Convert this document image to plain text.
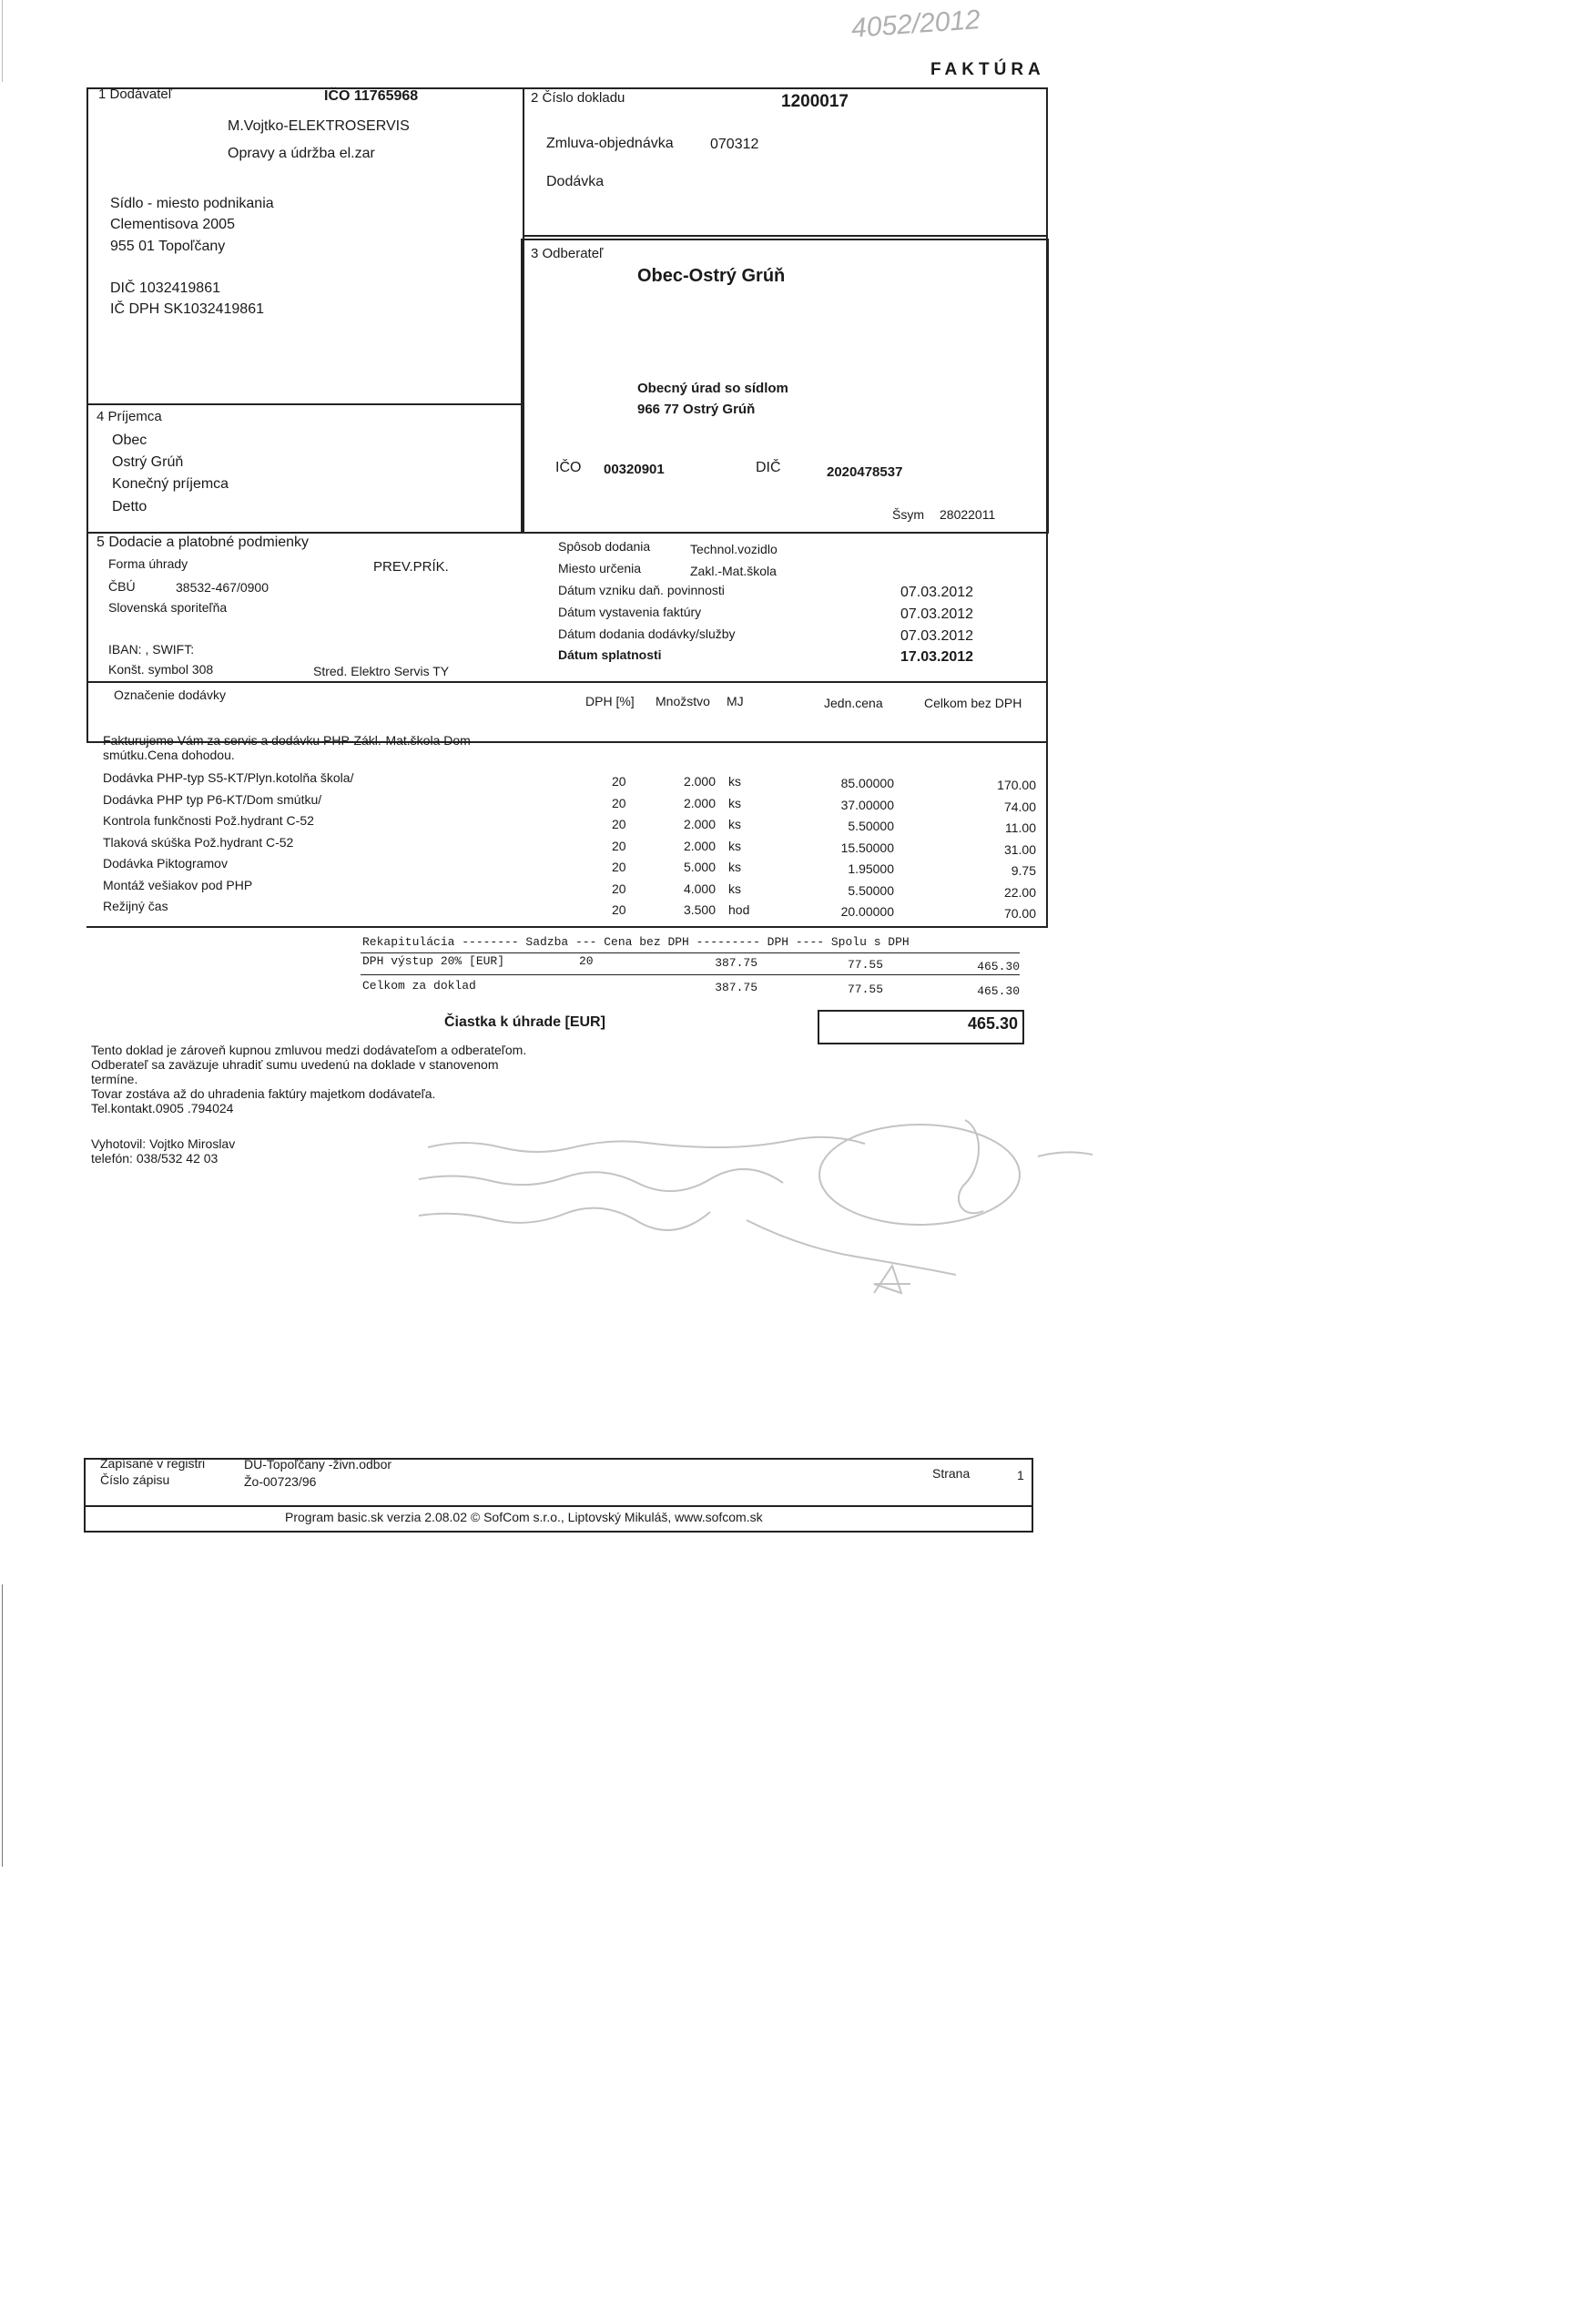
4052/2012
FAKTÚRA
1 Dodávateľ	IČO 11765968
M.Vojtko-ELEKTROSERVIS
Opravy a údržba el.zar
Sídlo - miesto podnikania
Clementisova 2005
955 01 Topoľčany
DIČ 1032419861
IČ DPH SK1032419861
2 Číslo dokladu	1200017
Zmluva-objednávka	070312
Dodávka
3 Odberateľ
Obec-Ostrý Grúň
Obecný úrad so sídlom
966 77 Ostrý Grúň
IČO 00320901	DIČ	2020478537
Šsym 28022011
4 Príjemca
Obec
Ostrý Grúň
Konečný príjemca
Detto
5 Dodacie a platobné podmienky
Forma úhrady	PREV.PRÍK.
ČBÚ	38532-467/0900
Slovenská sporiteľňa
IBAN: , SWIFT:
Konšt. symbol 308	Stred. Elektro Servis TY
Spôsob dodania	Technol.vozidlo
Miesto určenia	Zakl.-Mat.škola
Dátum vzniku daň. povinnosti	07.03.2012
Dátum vystavenia faktúry	07.03.2012
Dátum dodania dodávky/služby	07.03.2012
Dátum splatnosti	17.03.2012
Označenie dodávky	DPH [%] Množstvo MJ	Jedn.cena	Celkom bez DPH
Fakturujeme Vám za servis a dodávku PHP-Zákl.-Mat.škola Dom
smútku.Cena dohodou.
Dodávka PHP-typ S5-KT/Plyn.kotolňa škola/	20	2.000 ks	85.00000	170.00
Dodávka PHP typ P6-KT/Dom smútku/	20	2.000 ks	37.00000	74.00
Kontrola funkčnosti Pož.hydrant C-52	20	2.000 ks	5.50000	11.00
Tlaková skúška Pož.hydrant C-52	20	2.000 ks	15.50000	31.00
Dodávka Piktogramov	20	5.000 ks	1.95000	9.75
Montáž vešiakov pod PHP	20	4.000 ks	5.50000	22.00
Režijný čas	20	3.500 hod	20.00000	70.00
Rekapitulácia -------- Sadzba --- Cena bez DPH --------- DPH ---- Spolu s DPH
DPH výstup 20% [EUR]	20	387.75	77.55	465.30
Celkom za doklad	387.75	77.55	465.30
Čiastka k úhrade [EUR]	465.30
Tento doklad je zároveň kupnou zmluvou medzi dodávateľom a odberateľom.
Odberateľ sa zaväzuje uhradiť sumu uvedenú na doklade v stanovenom
termíne.
Tovar zostáva až do uhradenia faktúry majetkom dodávateľa.
Tel.kontakt.0905 .794024
Vyhotovil: Vojtko Miroslav
telefón: 038/532 42 03
Zapísané v registri	DU-Topoľčany -živn.odbor
Číslo zápisu	Žo-00723/96
Strana	1
Program basic.sk verzia 2.08.02 © SofCom s.r.o., Liptovský Mikuláš, www.sofcom.sk
